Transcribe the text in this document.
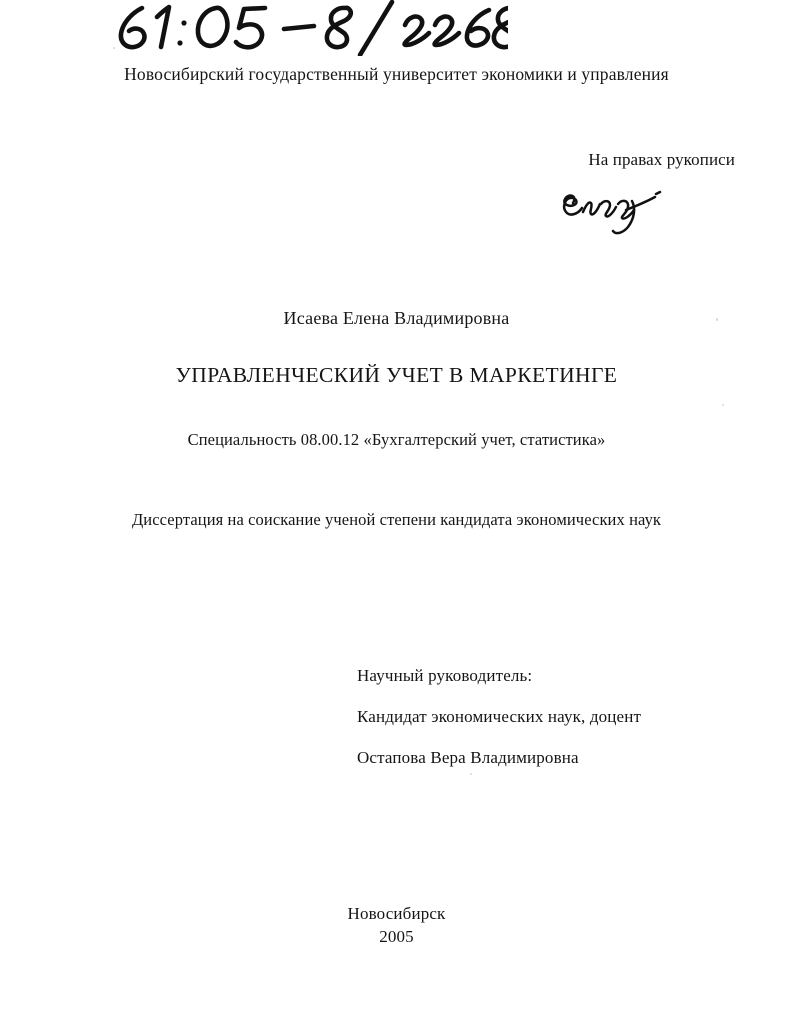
Новосибирский государственный университет экономики и управления
На правах рукописи
Исаева Елена Владимировна
УПРАВЛЕНЧЕСКИЙ УЧЕТ В МАРКЕТИНГЕ
Специальность 08.00.12 «Бухгалтерский учет, статистика»
Диссертация на соискание ученой степени кандидата экономических наук
Научный руководитель:
Кандидат экономических наук, доцент
Остапова Вера Владимировна
Новосибирск
2005
